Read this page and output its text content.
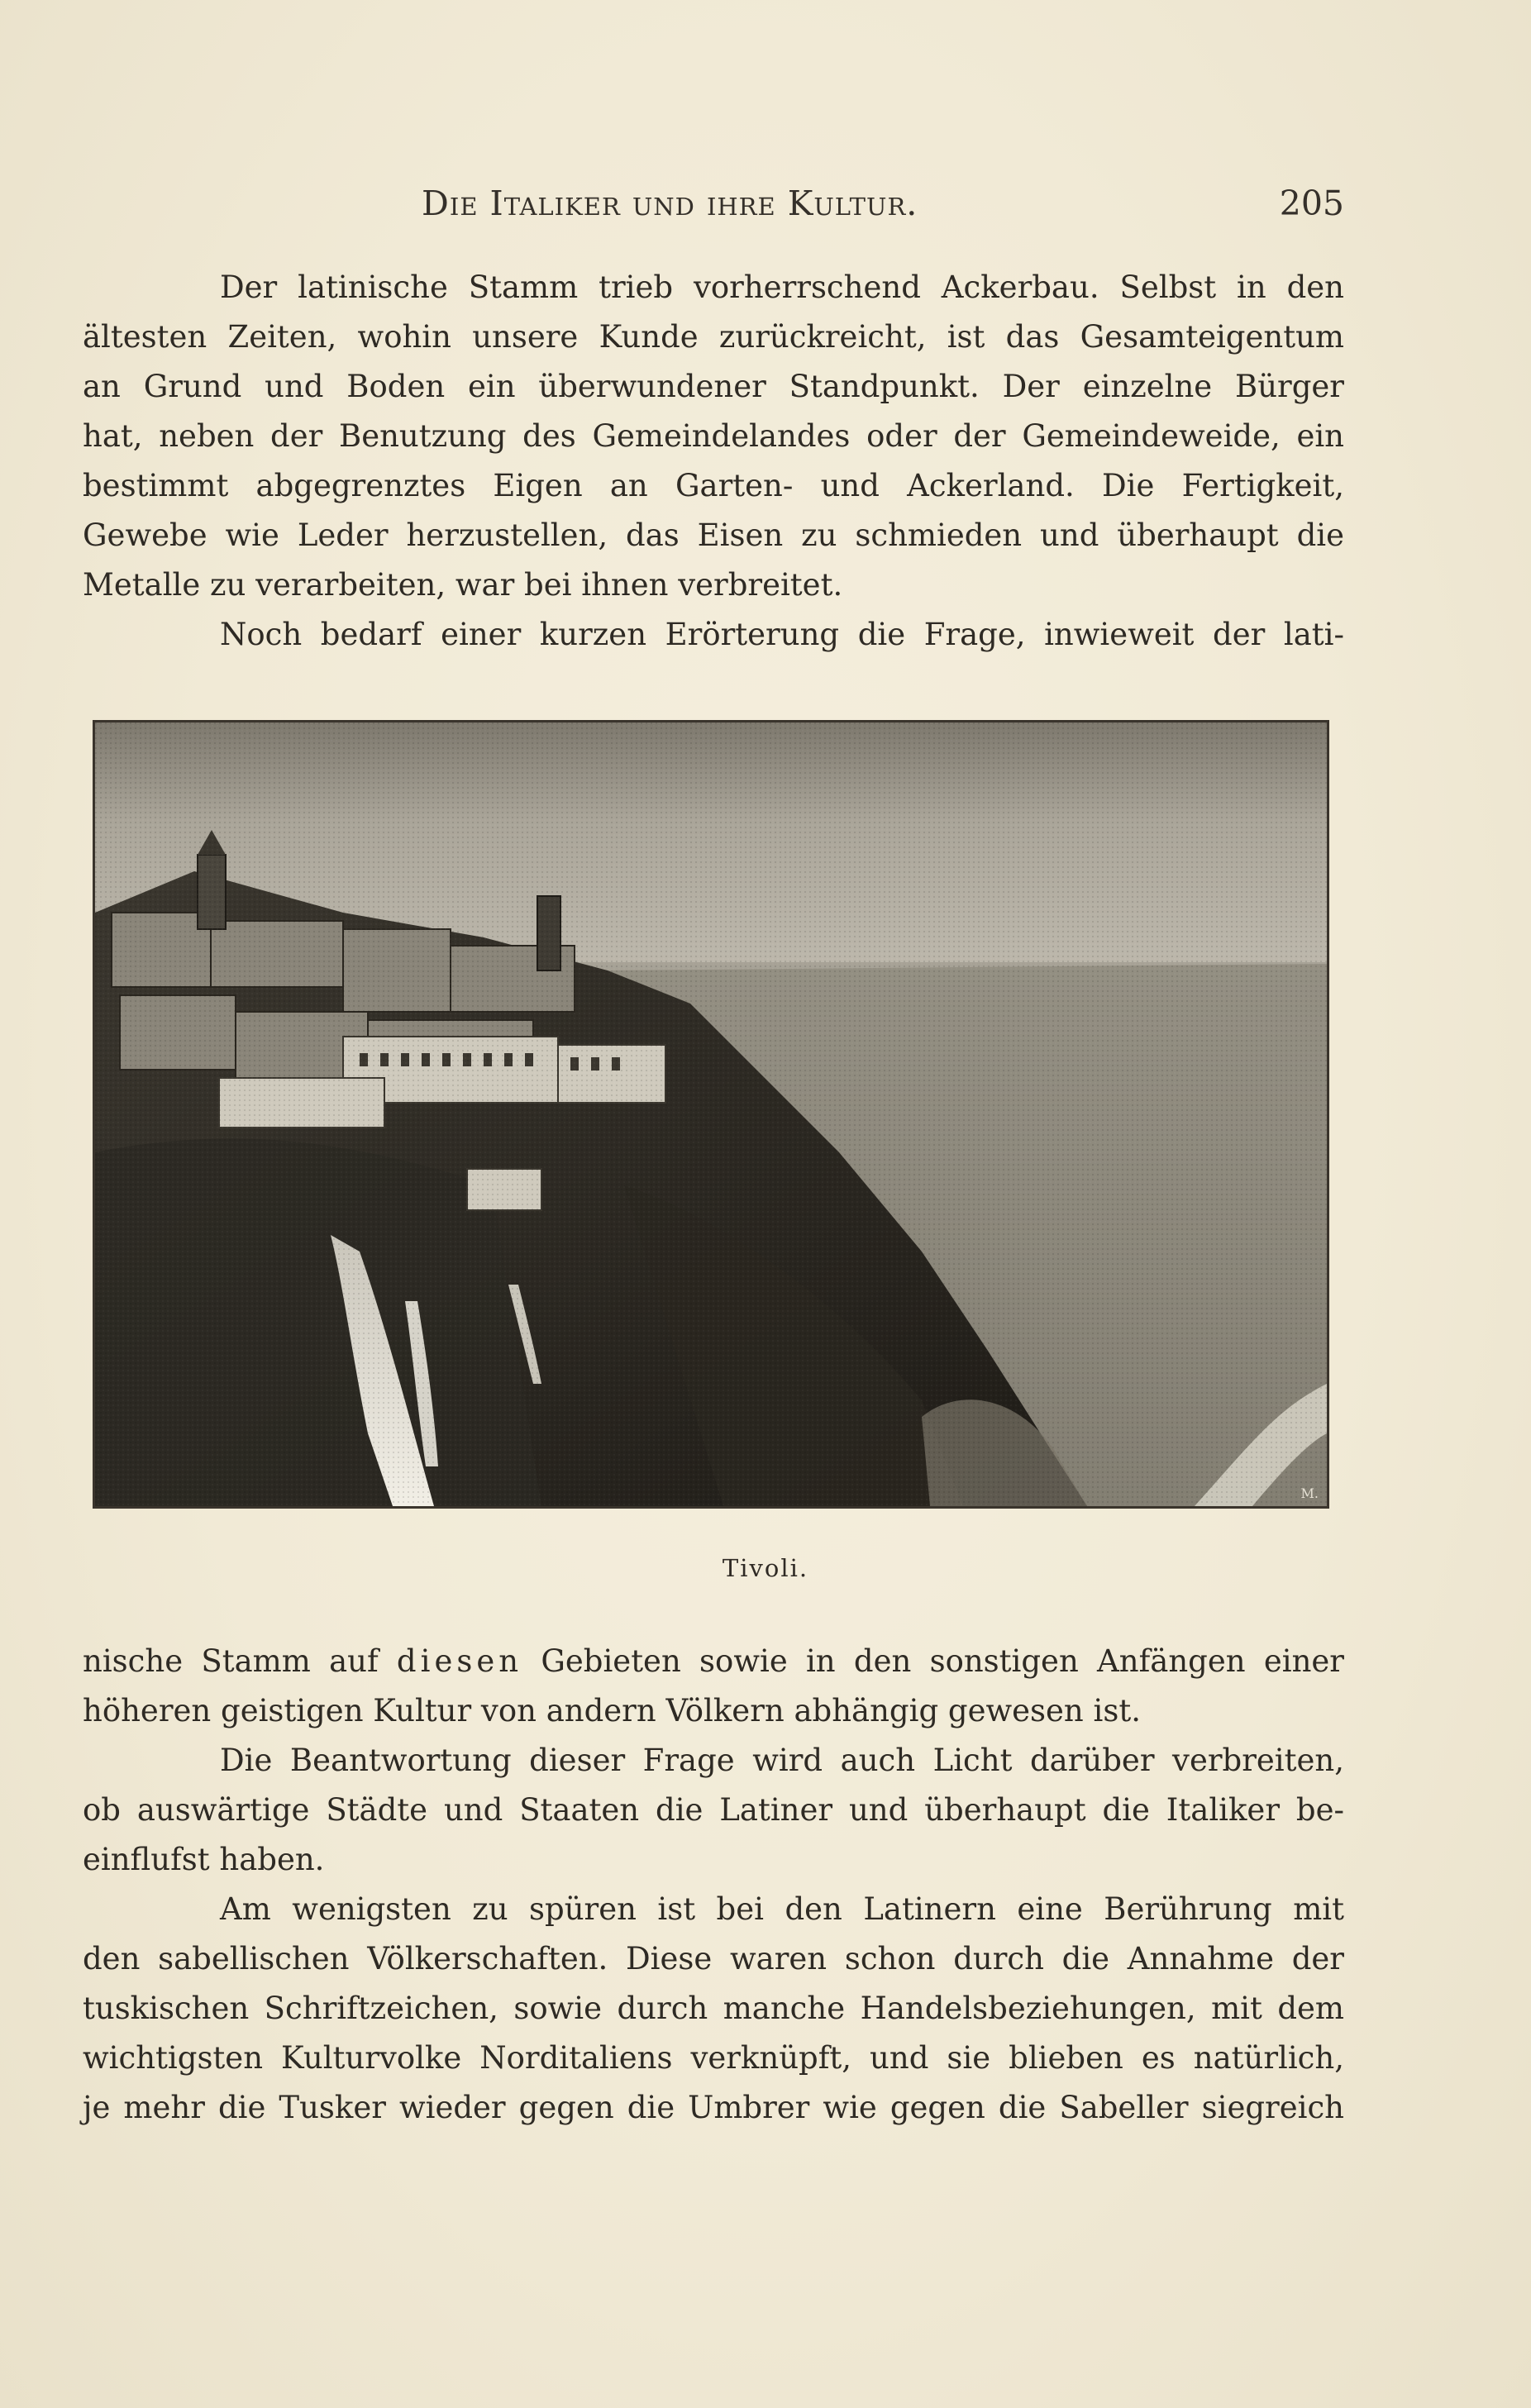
Die Italiker und ihre Kultur.	205
Der latinische Stamm trieb vorherrschend Ackerbau. Selbst in den
ältesten Zeiten, wohin unsere Kunde zurückreicht, ist das Gesamteigentum
an Grund und Boden ein überwundener Standpunkt. Der einzelne Bürger
hat, neben der Benutzung des Gemeindelandes oder der Gemeindeweide, ein
bestimmt abgegrenztes Eigen an Garten- und Ackerland. Die Fertigkeit,
Gewebe wie Leder herzustellen, das Eisen zu schmieden und überhaupt die
Metalle zu verarbeiten, war bei ihnen verbreitet.
Noch bedarf einer kurzen Erörterung die Frage, inwieweit der lati-
M.
Tivoli.
nische Stamm auf diesen Gebieten sowie in den sonstigen Anfängen einer
höheren geistigen Kultur von andern Völkern abhängig gewesen ist.
Die Beantwortung dieser Frage wird auch Licht darüber verbreiten,
ob auswärtige Städte und Staaten die Latiner und überhaupt die Italiker be-
einflufst haben.
Am wenigsten zu spüren ist bei den Latinern eine Berührung mit
den sabellischen Völkerschaften. Diese waren schon durch die Annahme der
tuskischen Schriftzeichen, sowie durch manche Handelsbeziehungen, mit dem
wichtigsten Kulturvolke Norditaliens verknüpft, und sie blieben es natürlich,
je mehr die Tusker wieder gegen die Umbrer wie gegen die Sabeller siegreich
